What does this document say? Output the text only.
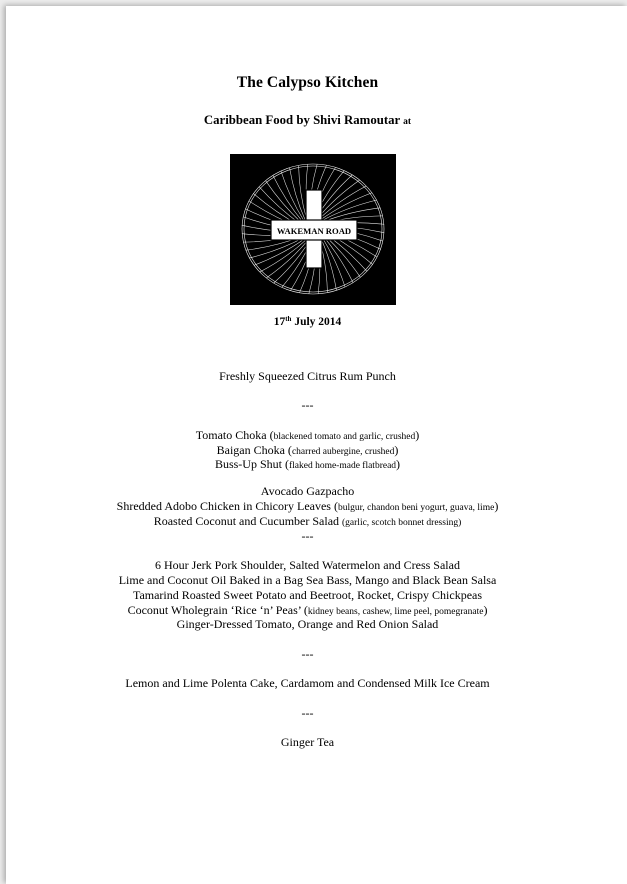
The Calypso Kitchen
Caribbean Food by Shivi Ramoutar at
WAKEMAN ROAD
17th July 2014
Freshly Squeezed Citrus Rum Punch
---
Tomato Choka (blackened tomato and garlic, crushed)
Baigan Choka (charred aubergine, crushed)
Buss-Up Shut (flaked home-made flatbread)
Avocado Gazpacho
Shredded Adobo Chicken in Chicory Leaves (bulgur, chandon beni yogurt, guava, lime)
Roasted Coconut and Cucumber Salad (garlic, scotch bonnet dressing)
---
6 Hour Jerk Pork Shoulder, Salted Watermelon and Cress Salad
Lime and Coconut Oil Baked in a Bag Sea Bass, Mango and Black Bean Salsa
Tamarind Roasted Sweet Potato and Beetroot, Rocket, Crispy Chickpeas
Coconut Wholegrain ‘Rice ‘n’ Peas’ (kidney beans, cashew, lime peel, pomegranate)
Ginger-Dressed Tomato, Orange and Red Onion Salad
---
Lemon and Lime Polenta Cake, Cardamom and Condensed Milk Ice Cream
---
Ginger Tea
